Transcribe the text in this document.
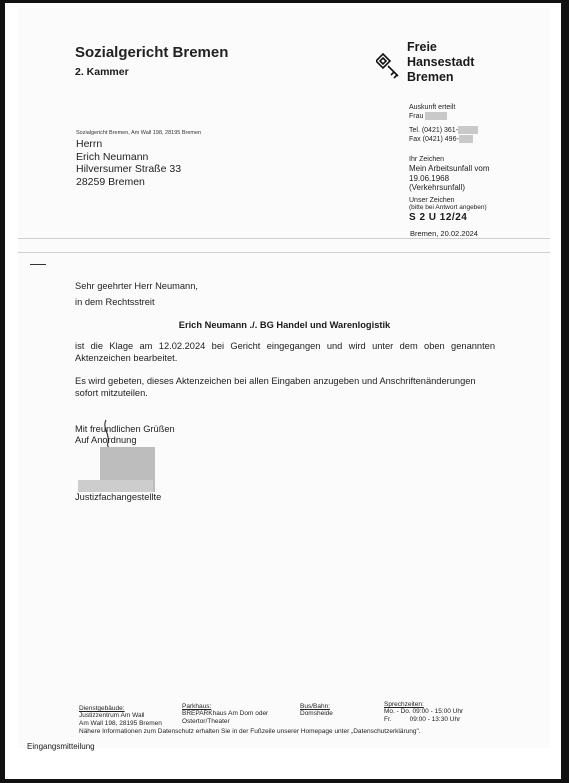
Sozialgericht Bremen
2. Kammer
Freie
Hansestadt
Bremen
Sozialgericht Bremen, Am Wall 198, 28195 Bremen
Herrn
Erich Neumann
Hilversumer Straße 33
28259 Bremen
Auskunft erteilt
Frau
Tel. (0421) 361-
Fax (0421) 496-
Ihr Zeichen
Mein Arbeitsunfall vom
19.06.1968
(Verkehrsunfall)
Unser Zeichen
(bitte bei Antwort angeben)
S 2 U 12/24
Bremen, 20.02.2024
Sehr geehrter Herr Neumann,
in dem Rechtsstreit
Erich Neumann ./. BG Handel und Warenlogistik
ist die Klage am 12.02.2024 bei Gericht eingegangen und wird unter dem oben genannten Aktenzeichen bearbeitet.
Es wird gebeten, dieses Aktenzeichen bei allen Eingaben anzugeben und Anschriftenänderungen sofort mitzuteilen.
Mit freundlichen Grüßen
Auf Anordnung
Justizfachangestellte
Dienstgebäude:
Justizzentrum Am Wall
Am Wall 198, 28195 Bremen
Parkhaus:
BREPARKhaus Am Dom oder
Ostertor/Theater
Bus/Bahn:
Domsheide
Sprechzeiten:
Mo. - Do. 09:00 - 15:00 Uhr
Fr.          09:00 - 13:30 Uhr
Nähere Informationen zum Datenschutz erhalten Sie in der Fußzeile unserer Homepage unter „Datenschutzerklärung".
Eingangsmitteilung
